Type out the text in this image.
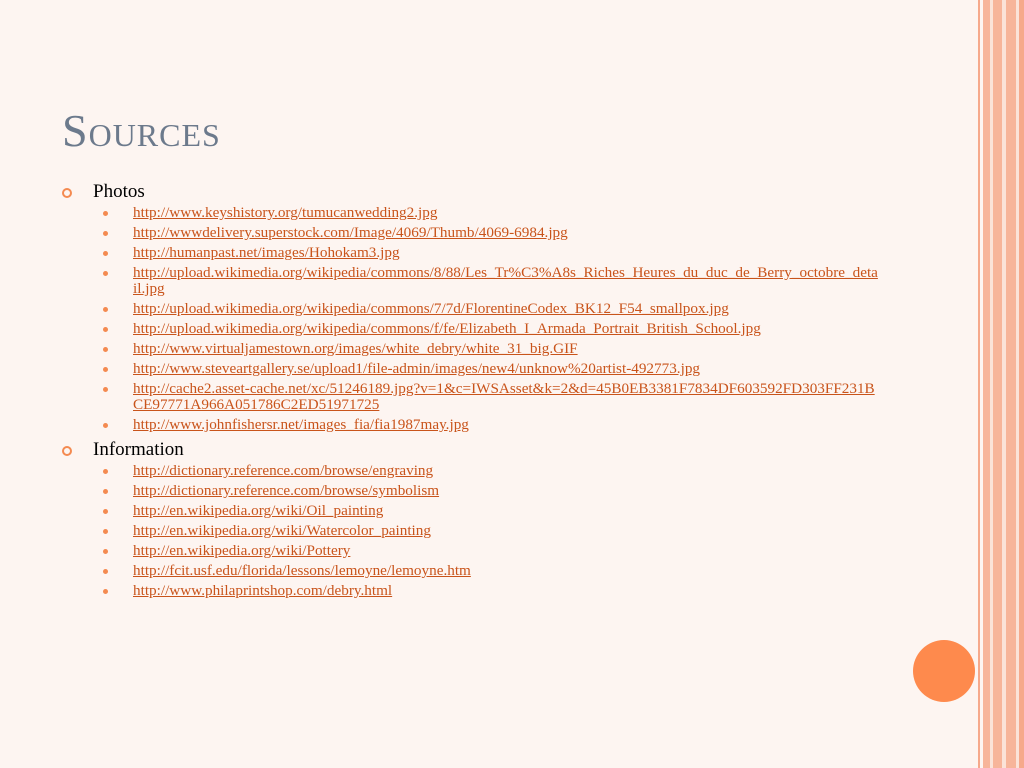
Sources
Photos
http://www.keyshistory.org/tumucanwedding2.jpg
http://wwwdelivery.superstock.com/Image/4069/Thumb/4069-6984.jpg
http://humanpast.net/images/Hohokam3.jpg
http://upload.wikimedia.org/wikipedia/commons/8/88/Les_Tr%C3%A8s_Riches_Heures_du_duc_de_Berry_octobre_detail.jpg
http://upload.wikimedia.org/wikipedia/commons/7/7d/FlorentineCodex_BK12_F54_smallpox.jpg
http://upload.wikimedia.org/wikipedia/commons/f/fe/Elizabeth_I_Armada_Portrait_British_School.jpg
http://www.virtualjamestown.org/images/white_debry/white_31_big.GIF
http://www.steveartgallery.se/upload1/file-admin/images/new4/unknow%20artist-492773.jpg
http://cache2.asset-cache.net/xc/51246189.jpg?v=1&c=IWSAsset&k=2&d=45B0EB3381F7834DF603592FD303FF231BCE97771A966A051786C2ED51971725
http://www.johnfishersr.net/images_fia/fia1987may.jpg
Information
http://dictionary.reference.com/browse/engraving
http://dictionary.reference.com/browse/symbolism
http://en.wikipedia.org/wiki/Oil_painting
http://en.wikipedia.org/wiki/Watercolor_painting
http://en.wikipedia.org/wiki/Pottery
http://fcit.usf.edu/florida/lessons/lemoyne/lemoyne.htm
http://www.philaprintshop.com/debry.html
